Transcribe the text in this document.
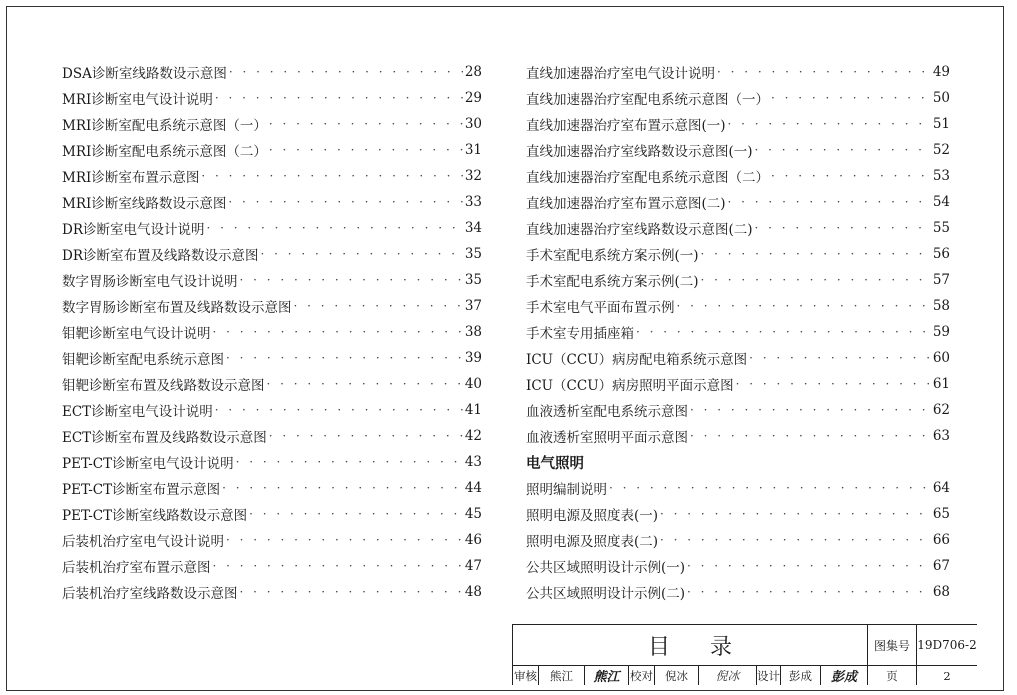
DSA诊断室线路数设示意图 · · ·	28
MRI诊断室电气设计说明 · · ·	29
MRI诊断室配电系统示意图（一） · · ·	30
MRI诊断室配电系统示意图（二） · · ·	31
MRI诊断室布置示意图 · · ·	32
MRI诊断室线路数设示意图 · · ·	33
DR诊断室电气设计说明 · · ·	34
DR诊断室布置及线路数设示意图 · · ·	35
数字胃肠诊断室电气设计说明 · · ·	35
数字胃肠诊断室布置及线路数设示意图 · · ·	37
钼靶诊断室电气设计说明 · · ·	38
钼靶诊断室配电系统示意图 · · ·	39
钼靶诊断室布置及线路数设示意图 · · ·	40
ECT诊断室电气设计说明 · · ·	41
ECT诊断室布置及线路数设示意图 · · ·	42
PET-CT诊断室电气设计说明 · · ·	43
PET-CT诊断室布置示意图 · · ·	44
PET-CT诊断室线路数设示意图 · · ·	45
后装机治疗室电气设计说明 · · ·	46
后装机治疗室布置示意图 · · ·	47
后装机治疗室线路数设示意图 · · ·	48
直线加速器治疗室电气设计说明 · · ·	49
直线加速器治疗室配电系统示意图（一） · · ·	50
直线加速器治疗室布置示意图(一) · · ·	51
直线加速器治疗室线路数设示意图(一) · · ·	52
直线加速器治疗室配电系统示意图（二） · · ·	53
直线加速器治疗室布置示意图(二) · · ·	54
直线加速器治疗室线路数设示意图(二) · · ·	55
手术室配电系统方案示例(一) · · ·	56
手术室配电系统方案示例(二) · · ·	57
手术室电气平面布置示例 · · ·	58
手术室专用插座箱 · · ·	59
ICU（CCU）病房配电箱系统示意图 · · ·	60
ICU（CCU）病房照明平面示意图 · · ·	61
血液透析室配电系统示意图 · · ·	62
血液透析室照明平面示意图 · · ·	63
电气照明
照明编制说明 · · ·	64
照明电源及照度表(一) · · ·	65
照明电源及照度表(二) · · ·	66
公共区域照明设计示例(一) · · ·	67
公共区域照明设计示例(二) · · ·	68
目录	图集号 19D706-2
审核	熊江	熊江 校对	倪冰	倪冰	设计 彭成	彭成	页	2
